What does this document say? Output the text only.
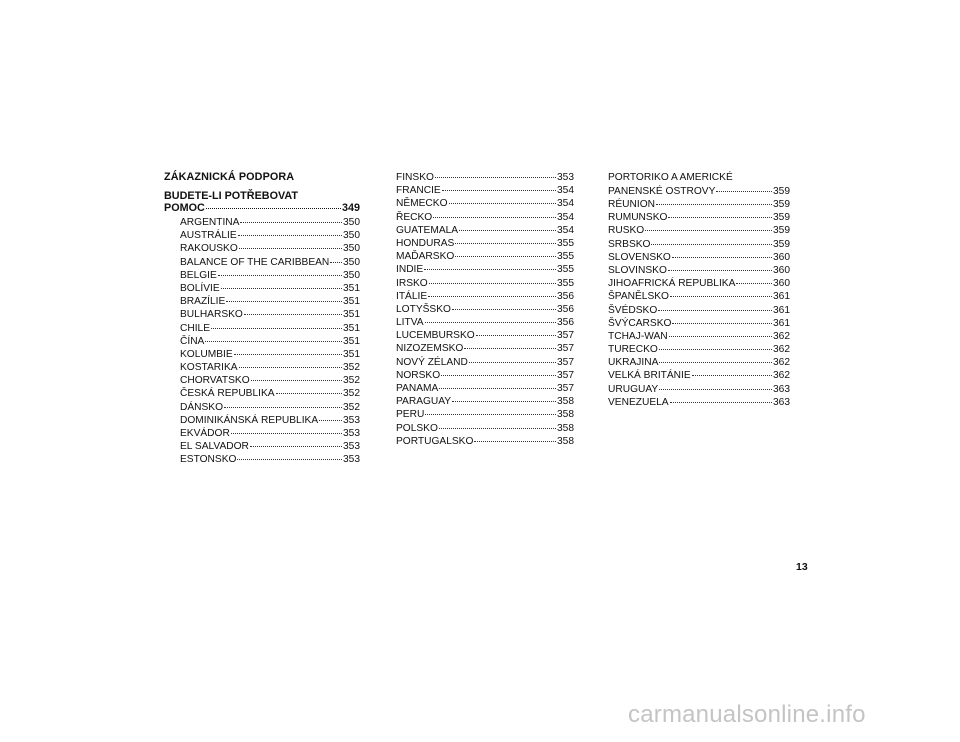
ZÁKAZNICKÁ PODPORA
BUDETE-LI POTŘEBOVAT
POMOC	349
ARGENTINA	350
AUSTRÁLIE	350
RAKOUSKO	350
BALANCE OF THE CARIBBEAN 350
BELGIE	350
BOLÍVIE	351
BRAZÍLIE	351
BULHARSKO	351
CHILE	351
ČÍNA	351
KOLUMBIE	351
KOSTARIKA	352
CHORVATSKO	352
ČESKÁ REPUBLIKA	352
DÁNSKO	352
DOMINIKÁNSKÁ REPUBLIKA 353
EKVÁDOR	353
EL SALVADOR	353
ESTONSKO	353
FINSKO	353
FRANCIE	354
NĚMECKO	354
ŘECKO	354
GUATEMALA	354
HONDURAS	355
MAĎARSKO	355
INDIE	355
IRSKO	355
ITÁLIE	356
LOTYŠSKO	356
LITVA	356
LUCEMBURSKO	357
NIZOZEMSKO	357
NOVÝ ZÉLAND	357
NORSKO	357
PANAMA	357
PARAGUAY	358
PERU	358
POLSKO	358
PORTUGALSKO	358
PORTORIKO A AMERICKÉ
PANENSKÉ OSTROVY	359
RÉUNION	359
RUMUNSKO	359
RUSKO	359
SRBSKO	359
SLOVENSKO	360
SLOVINSKO	360
JIHOAFRICKÁ REPUBLIKA	360
ŠPANĚLSKO	361
ŠVÉDSKO	361
ŠVÝCARSKO	361
TCHAJ-WAN	362
TURECKO	362
UKRAJINA	362
VELKÁ BRITÁNIE	362
URUGUAY	363
VENEZUELA	363
13
carmanualsonline.info
